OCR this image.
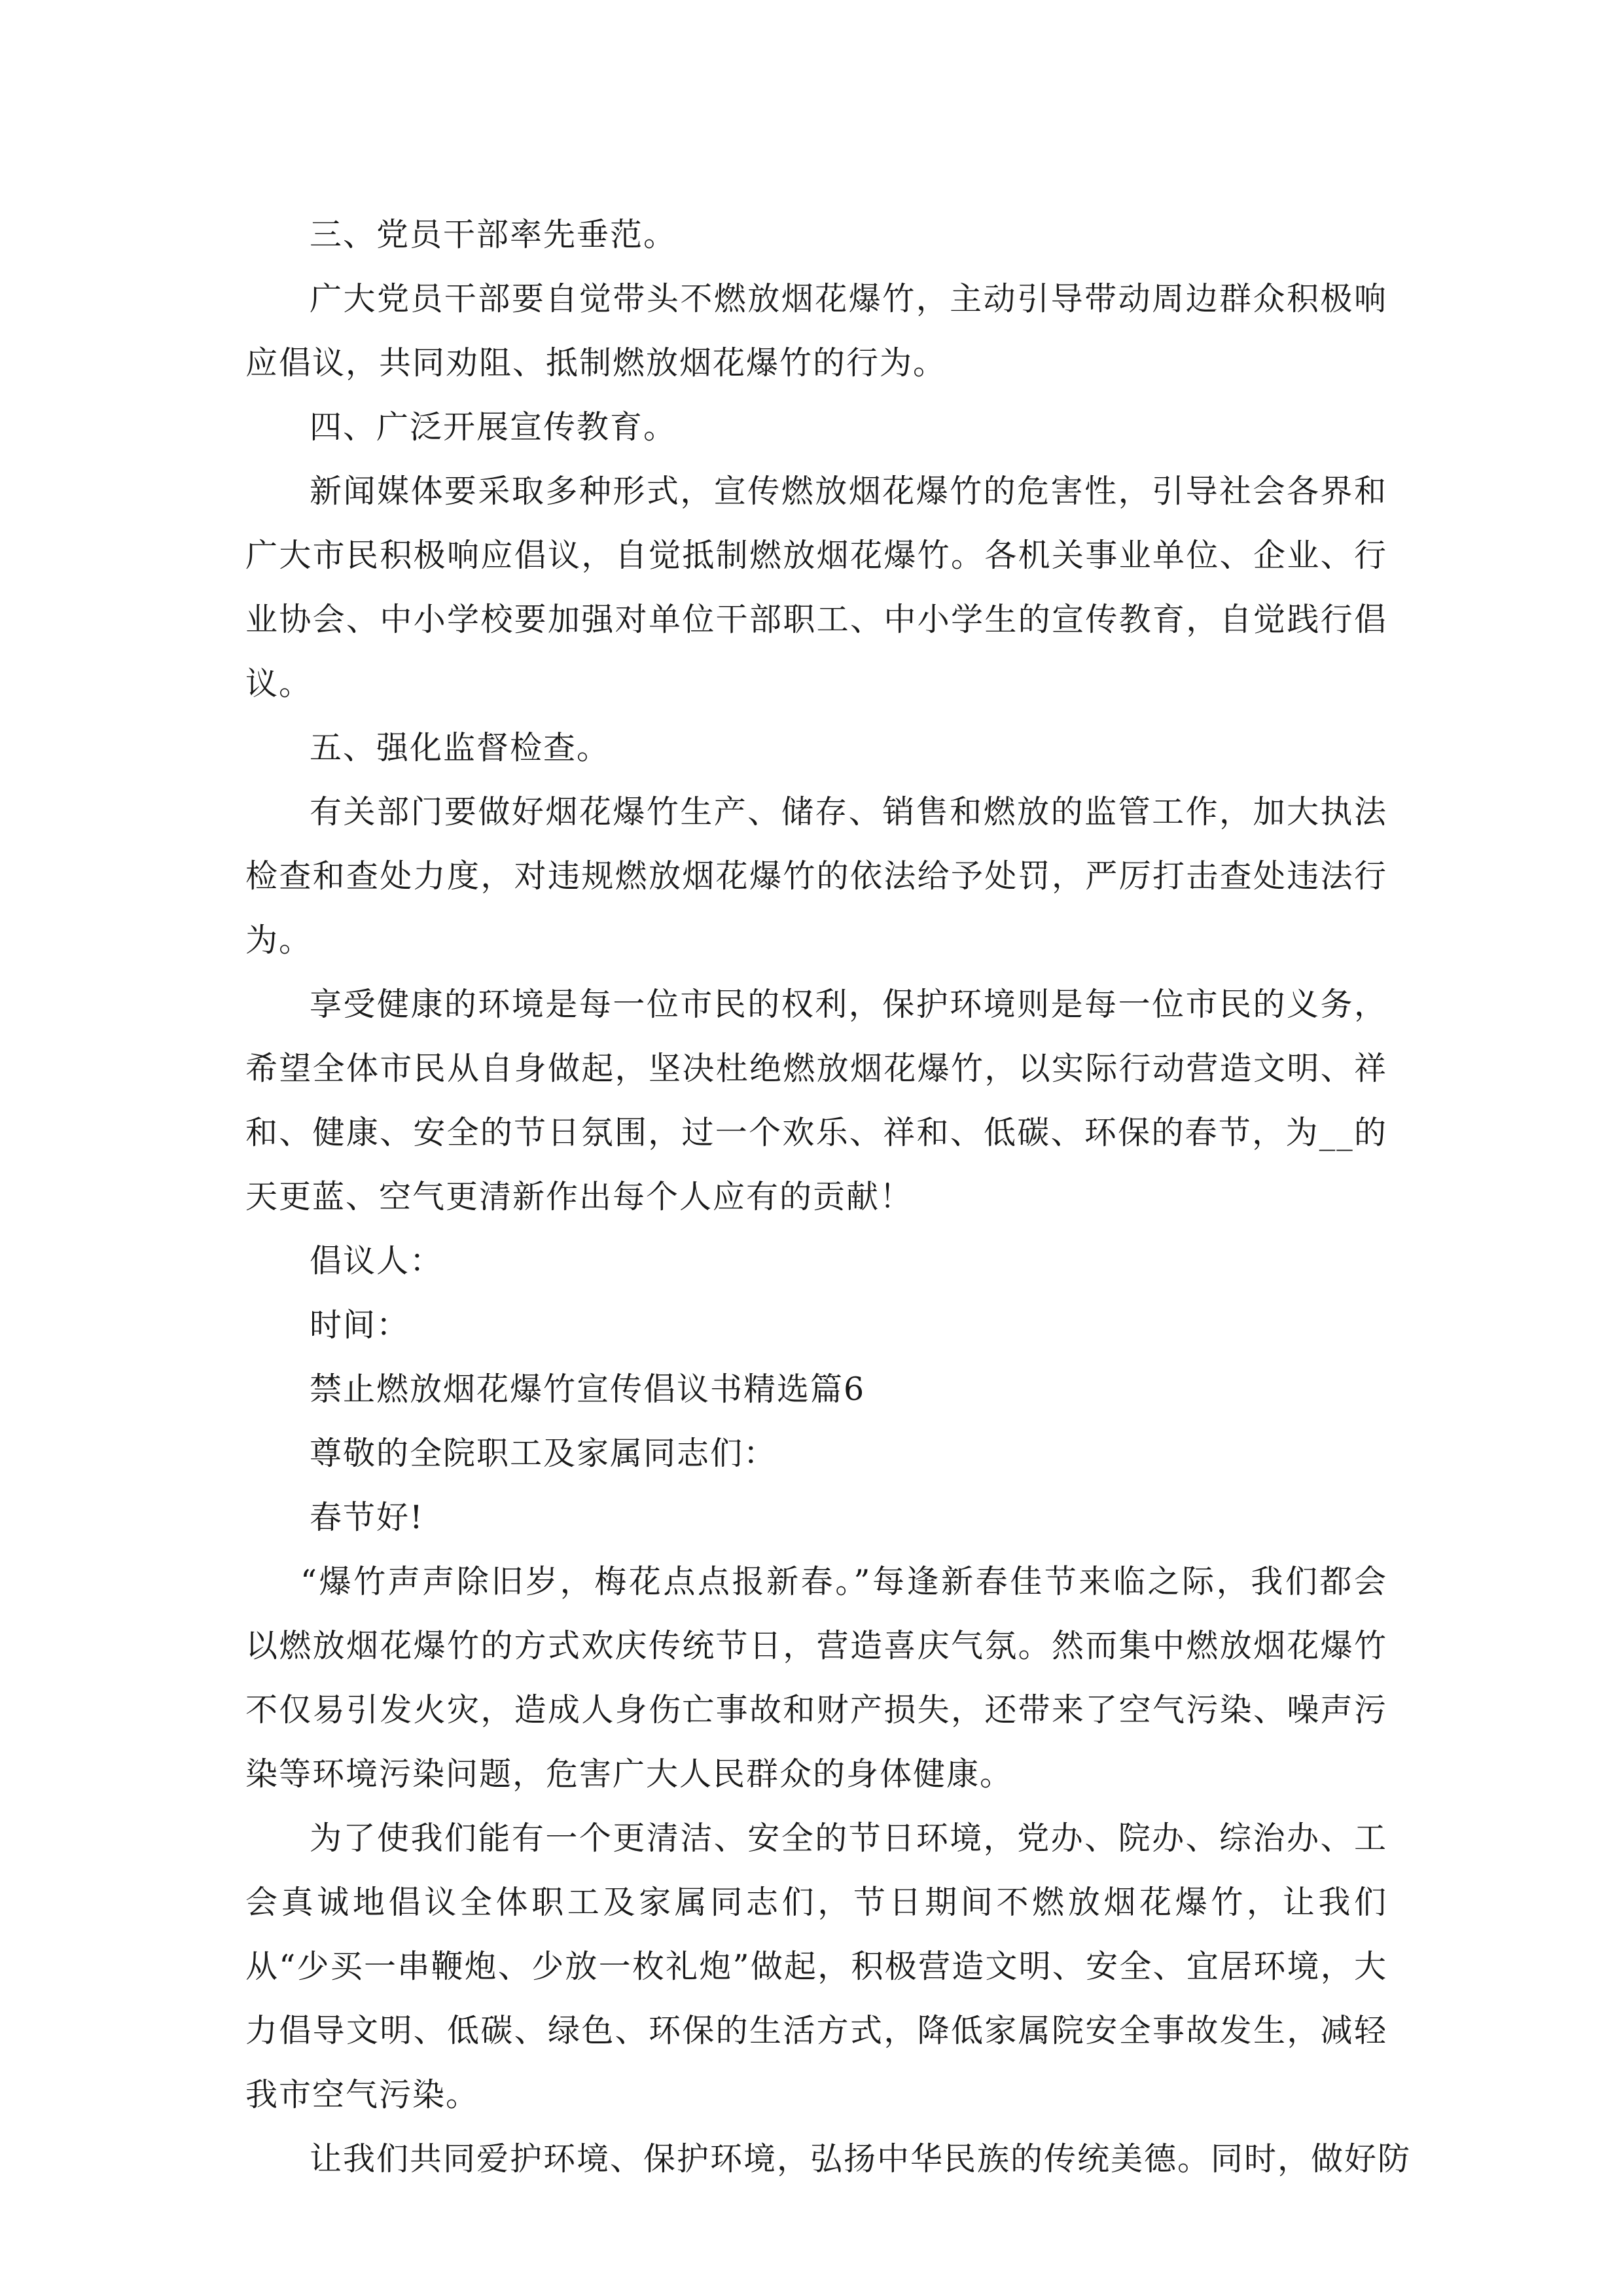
三、党员干部率先垂范。

广大党员干部要自觉带头不燃放烟花爆竹，主动引导带动周边群众积极响应倡议，共同劝阻、抵制燃放烟花爆竹的行为。

四、广泛开展宣传教育。

新闻媒体要采取多种形式，宣传燃放烟花爆竹的危害性，引导社会各界和广大市民积极响应倡议，自觉抵制燃放烟花爆竹。各机关事业单位、企业、行业协会、中小学校要加强对单位干部职工、中小学生的宣传教育，自觉践行倡议。

五、强化监督检查。

有关部门要做好烟花爆竹生产、储存、销售和燃放的监管工作，加大执法检查和查处力度，对违规燃放烟花爆竹的依法给予处罚，严厉打击查处违法行为。

享受健康的环境是每一位市民的权利，保护环境则是每一位市民的义务，希望全体市民从自身做起，坚决杜绝燃放烟花爆竹，以实际行动营造文明、祥和、健康、安全的节日氛围，过一个欢乐、祥和、低碳、环保的春节，为__的天更蓝、空气更清新作出每个人应有的贡献！

倡议人：

时间：

禁止燃放烟花爆竹宣传倡议书精选篇6

尊敬的全院职工及家属同志们：

春节好!

“爆竹声声除旧岁，梅花点点报新春。”每逢新春佳节来临之际，我们都会以燃放烟花爆竹的方式欢庆传统节日，营造喜庆气氛。然而集中燃放烟花爆竹不仅易引发火灾，造成人身伤亡事故和财产损失，还带来了空气污染、噪声污染等环境污染问题，危害广大人民群众的身体健康。

为了使我们能有一个更清洁、安全的节日环境，党办、院办、综治办、工会真诚地倡议全体职工及家属同志们，节日期间不燃放烟花爆竹，让我们从“少买一串鞭炮、少放一枚礼炮”做起，积极营造文明、安全、宜居环境，大力倡导文明、低碳、绿色、环保的生活方式，降低家属院安全事故发生，减轻我市空气污染。

让我们共同爱护环境、保护环境，弘扬中华民族的传统美德。同时，做好防
